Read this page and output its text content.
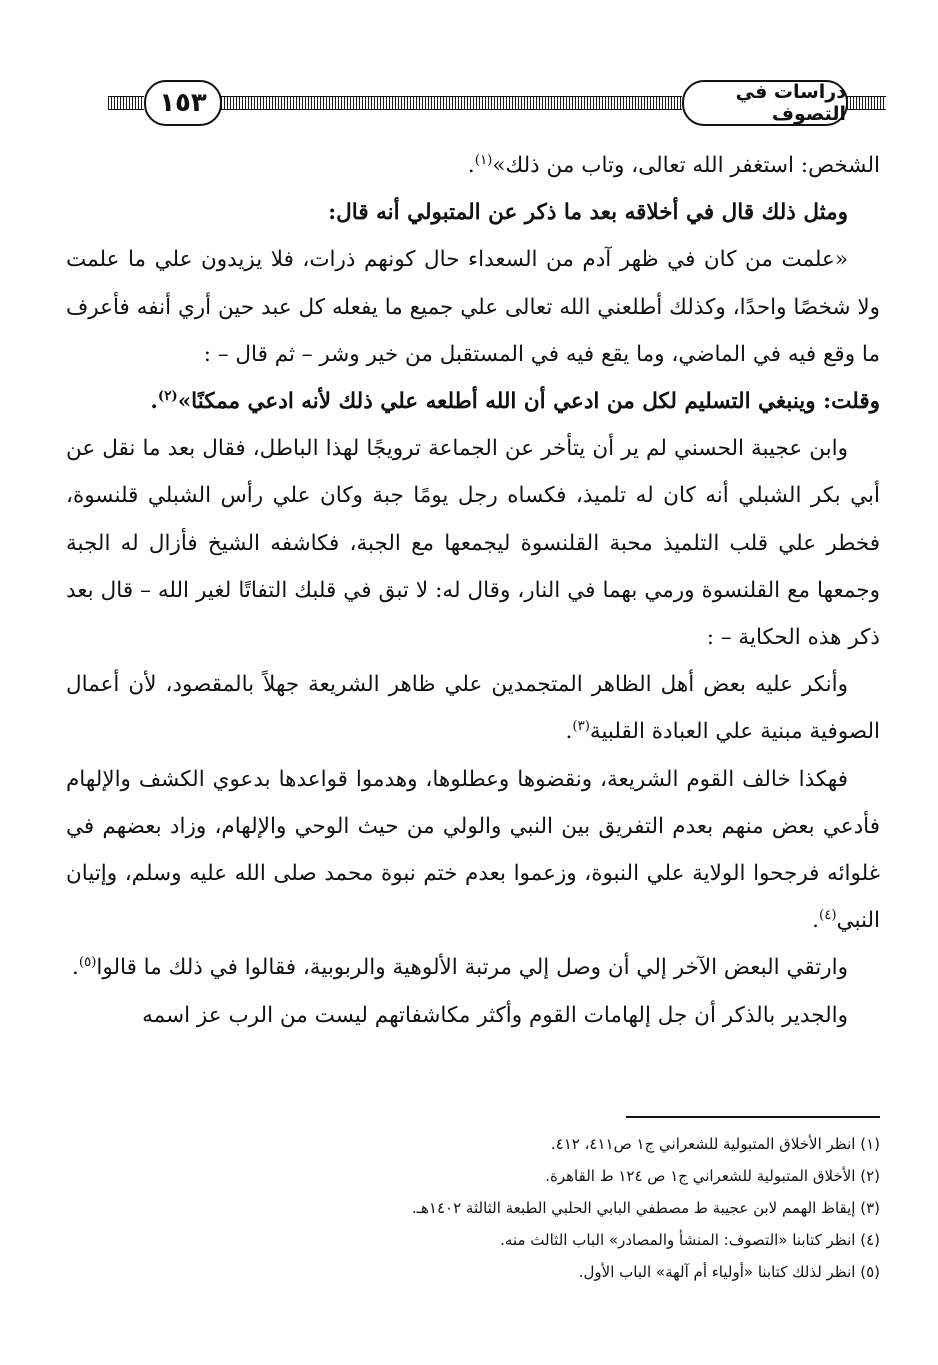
دراسات في التصوف
١٥٣

الشخص: استغفر الله تعالى، وتاب من ذلك»$^{(١)}$.

ومثل ذلك قال في أخلاقه بعد ما ذكر عن المتبولي أنه قال:

«علمت من كان في ظهر آدم من السعداء حال كونهم ذرات، فلا يزيدون علي ما علمت ولا شخصًا واحدًا، وكذلك أطلعني الله تعالى علي جميع ما يفعله كل عبد حين أري أنفه فأعرف ما وقع فيه في الماضي، وما يقع فيه في المستقبل من خير وشر – ثم قال – :

وقلت: وينبغي التسليم لكل من ادعي أن الله أطلعه علي ذلك لأنه ادعي ممكنًا»$^{(٢)}$.

وابن عجيبة الحسني لم ير أن يتأخر عن الجماعة ترويجًا لهذا الباطل، فقال بعد ما نقل عن أبي بكر الشبلي أنه كان له تلميذ، فكساه رجل يومًا جبة وكان علي رأس الشبلي قلنسوة، فخطر علي قلب التلميذ محبة القلنسوة ليجمعها مع الجبة، فكاشفه الشيخ فأزال له الجبة وجمعها مع القلنسوة ورمي بهما في النار، وقال له: لا تبق في قلبك التفاتًا لغير الله – قال بعد ذكر هذه الحكاية – :

وأنكر عليه بعض أهل الظاهر المتجمدين علي ظاهر الشريعة جهلاً بالمقصود، لأن أعمال الصوفية مبنية علي العبادة القلبية$^{(٣)}$.

فهكذا خالف القوم الشريعة، ونقضوها وعطلوها، وهدموا قواعدها بدعوي الكشف والإلهام فأدعي بعض منهم بعدم التفريق بين النبي والولي من حيث الوحي والإلهام، وزاد بعضهم في غلوائه فرجحوا الولاية علي النبوة، وزعموا بعدم ختم نبوة محمد صلى الله عليه وسلم، وإتيان النبي$^{(٤)}$.

وارتقي البعض الآخر إلي أن وصل إلي مرتبة الألوهية والربوبية، فقالوا في ذلك ما قالوا$^{(٥)}$.

والجدير بالذكر أن جل إلهامات القوم وأكثر مكاشفاتهم ليست من الرب عز اسمه

(١) انظر الأخلاق المتبولية للشعراني ج١ ص٤١١، ٤١٢.

(٢) الأخلاق المتبولية للشعراني ج١ ص ١٢٤ ط القاهرة.

(٣) إيقاظ الهمم لابن عجيبة ط مصطفي البابي الحلبي الطبعة الثالثة ١٤٠٢هـ.

(٤) انظر كتابنا «التصوف: المنشأ والمصادر» الباب الثالث منه.

(٥) انظر لذلك كتابنا «أولياء أم آلهة» الباب الأول.
